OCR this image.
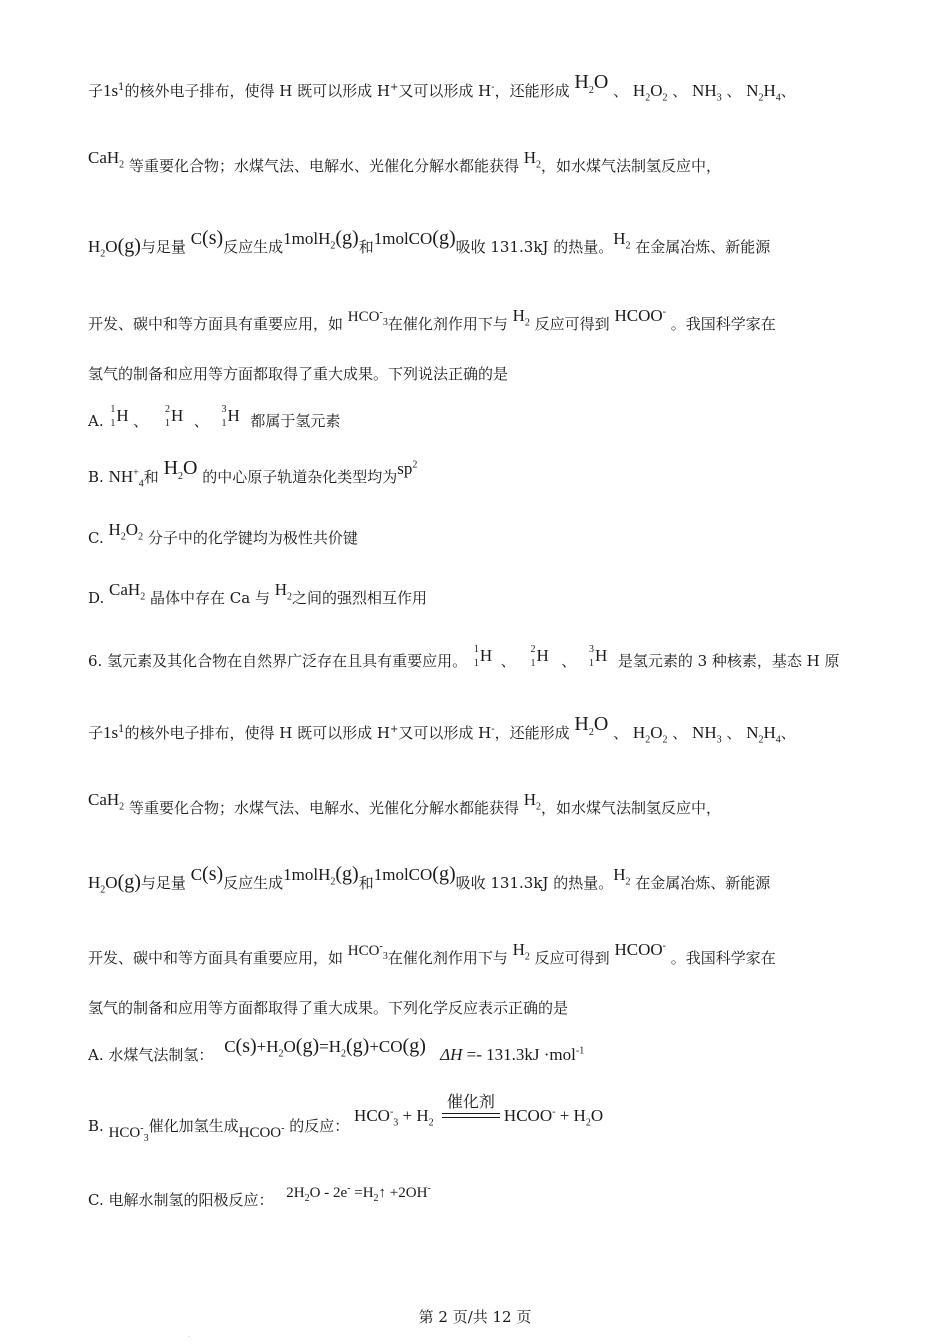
子$1s^1$的核外电子排布，使得 H 既可以形成 H+又可以形成 H-，还能形成 $H_2O$ 、 $H_2O_2$ 、 $NH_3$ 、 $N_2H_4$、
CaH$_2$ 等重要化合物；水煤气法、电解水、光催化分解水都能获得 $H_2$，如水煤气法制氢反应中，
$H_2O(g)$与足量 C(s)反应生成1molH$_2$(g)和1molCO(g)吸收 131.3kJ 的热量。$H_2$ 在金属冶炼、新能源
开发、碳中和等方面具有重要应用，如 $HCO^-_3$在催化剂作用下与 $H_2$ 反应可得到 HCOO- 。我国科学家在
氢气的制备和应用等方面都取得了重大成果。下列说法正确的是
A.
1
1 H 、
2
1 H 、
3
1 H 都属于氢元素
B. $NH^+_4$和 $H_2O$ 的中心原子轨道杂化类型均为$sp^2$
C. $H_2O_2$ 分子中的化学键均为极性共价键
D. CaH$_2$ 晶体中存在 Ca 与 $H_2$之间的强烈相互作用
6. 氢元素及其化合物在自然界广泛存在且具有重要应用。
1
1 H 、
2
1 H 、
3
1 H 是氢元素的 3 种核素，基态 H 原
子$1s^1$的核外电子排布，使得 H 既可以形成 H+又可以形成 H-，还能形成 $H_2O$ 、 $H_2O_2$ 、 $NH_3$ 、 $N_2H_4$、
CaH$_2$ 等重要化合物；水煤气法、电解水、光催化分解水都能获得 $H_2$，如水煤气法制氢反应中，
$H_2O(g)$与足量 C(s)反应生成1molH$_2$(g)和1molCO(g)吸收 131.3kJ 的热量。$H_2$ 在金属冶炼、新能源
开发、碳中和等方面具有重要应用，如 $HCO^-_3$在催化剂作用下与 $H_2$ 反应可得到 HCOO- 。我国科学家在
氢气的制备和应用等方面都取得了重大成果。下列化学反应表示正确的是
A. 水煤气法制氢： $C(s)+H_2O(g)=H_2(g)+CO(g) \Delta H =- 131.3kJ \cdot mol^{-1}$
B. $HCO^-_3$催化加氢生成HCOO- 的反应： $HCO^-_3 + H_2$
催化剂
HCOO- + $H_2O$
C. 电解水制氢的阳极反应： $2H_2O - 2e^-$ $=H_2↑ +2OH^-$
·
第 2 页/共 12 页
